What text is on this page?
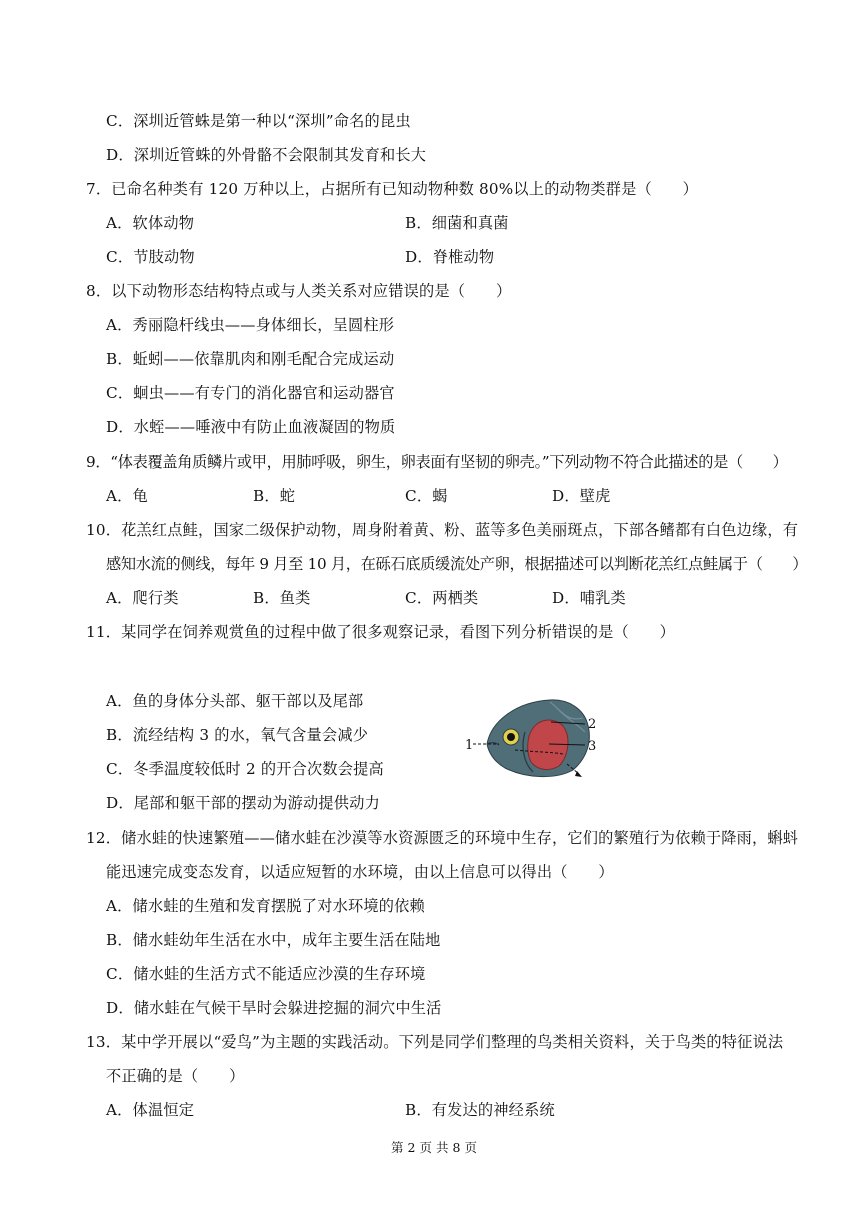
C．深圳近管蛛是第一种以“深圳”命名的昆虫
D．深圳近管蛛的外骨骼不会限制其发育和长大
7．已命名种类有 120 万种以上，占据所有已知动物种数 80%以上的动物类群是（　　）
A．软体动物	B．细菌和真菌
C．节肢动物	D．脊椎动物
8．以下动物形态结构特点或与人类关系对应错误的是（　　）
A．秀丽隐杆线虫——身体细长，呈圆柱形
B．蚯蚓——依靠肌肉和刚毛配合完成运动
C．蛔虫——有专门的消化器官和运动器官
D．水蛭——唾液中有防止血液凝固的物质
9．“体表覆盖角质鳞片或甲，用肺呼吸，卵生，卵表面有坚韧的卵壳。”下列动物不符合此描述的是（　　）
A．龟	B．蛇	C．蝎	D．壁虎
10．花羔红点鲑，国家二级保护动物，周身附着黄、粉、蓝等多色美丽斑点，下部各鳍都有白色边缘，有
感知水流的侧线，每年 9 月至 10 月，在砾石底质缓流处产卵，根据描述可以判断花羔红点鲑属于（　　）
A．爬行类	B．鱼类	C．两栖类	D．哺乳类
11．某同学在饲养观赏鱼的过程中做了很多观察记录，看图下列分析错误的是（　　）
A．鱼的身体分头部、躯干部以及尾部
B．流经结构 3 的水，氧气含量会减少
C．冬季温度较低时 2 的开合次数会提高
D．尾部和躯干部的摆动为游动提供动力
1
2
3
12．储水蛙的快速繁殖——储水蛙在沙漠等水资源匮乏的环境中生存，它们的繁殖行为依赖于降雨，蝌蚪
能迅速完成变态发育，以适应短暂的水环境，由以上信息可以得出（　　）
A．储水蛙的生殖和发育摆脱了对水环境的依赖
B．储水蛙幼年生活在水中，成年主要生活在陆地
C．储水蛙的生活方式不能适应沙漠的生存环境
D．储水蛙在气候干旱时会躲进挖掘的洞穴中生活
13．某中学开展以“爱鸟”为主题的实践活动。下列是同学们整理的鸟类相关资料，关于鸟类的特征说法
不正确的是（　　）
A．体温恒定	B．有发达的神经系统
第 2 页 共 8 页
